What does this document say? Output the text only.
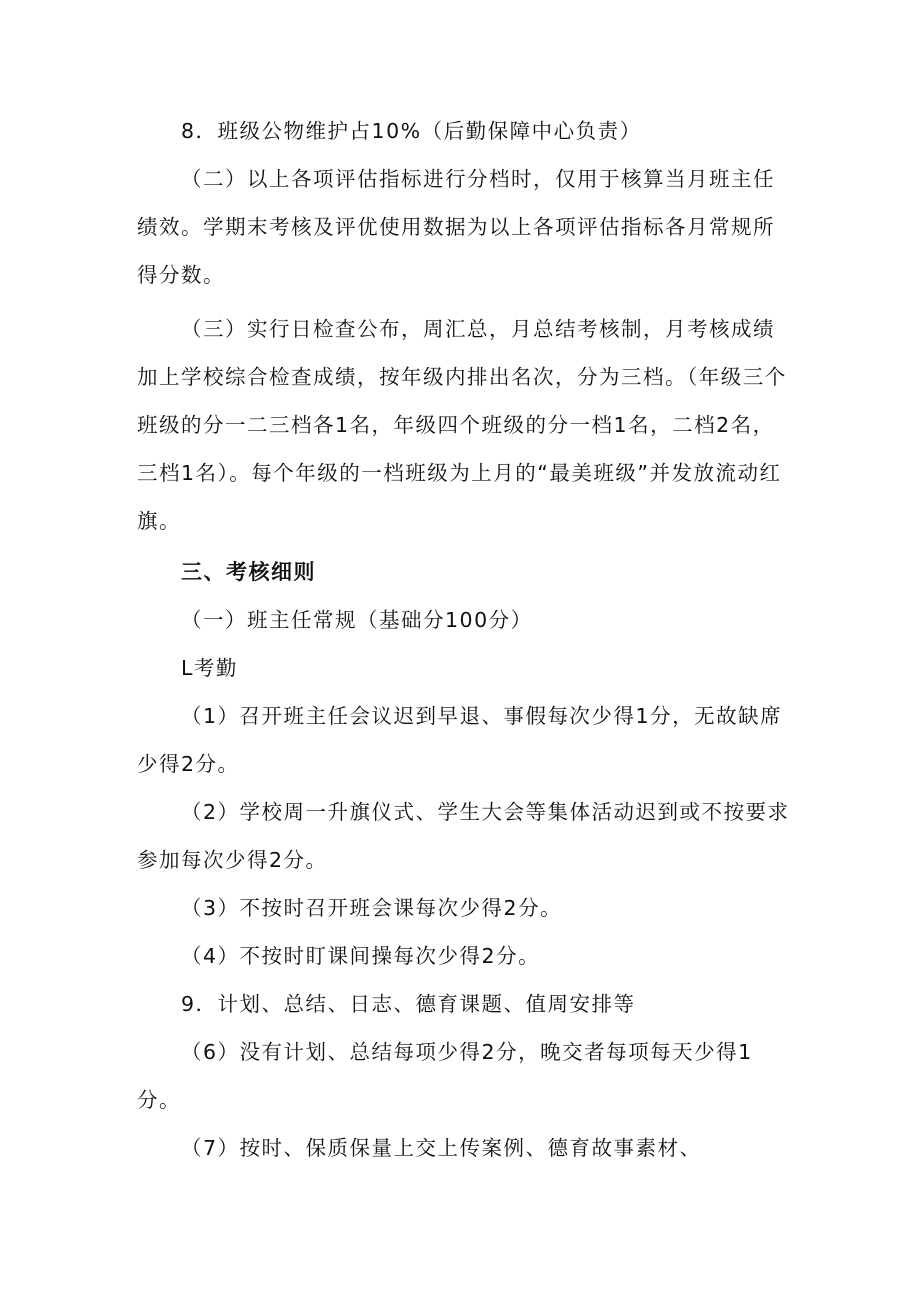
8．班级公物维护占10%（后勤保障中心负责）

（二）以上各项评估指标进行分档时，仅用于核算当月班主任绩效。学期末考核及评优使用数据为以上各项评估指标各月常规所得分数。

（三）实行日检查公布，周汇总，月总结考核制，月考核成绩加上学校综合检查成绩，按年级内排出名次，分为三档。（年级三个班级的分一二三档各1名，年级四个班级的分一档1名，二档2名，三档1名）。每个年级的一档班级为上月的“最美班级”并发放流动红旗。

三、考核细则

（一）班主任常规（基础分100分）

L考勤

（1）召开班主任会议迟到早退、事假每次少得1分，无故缺席少得2分。

（2）学校周一升旗仪式、学生大会等集体活动迟到或不按要求参加每次少得2分。

（3）不按时召开班会课每次少得2分。

（4）不按时盯课间操每次少得2分。

9．计划、总结、日志、德育课题、值周安排等

（6）没有计划、总结每项少得2分，晚交者每项每天少得1分。

（7）按时、保质保量上交上传案例、德育故事素材、
